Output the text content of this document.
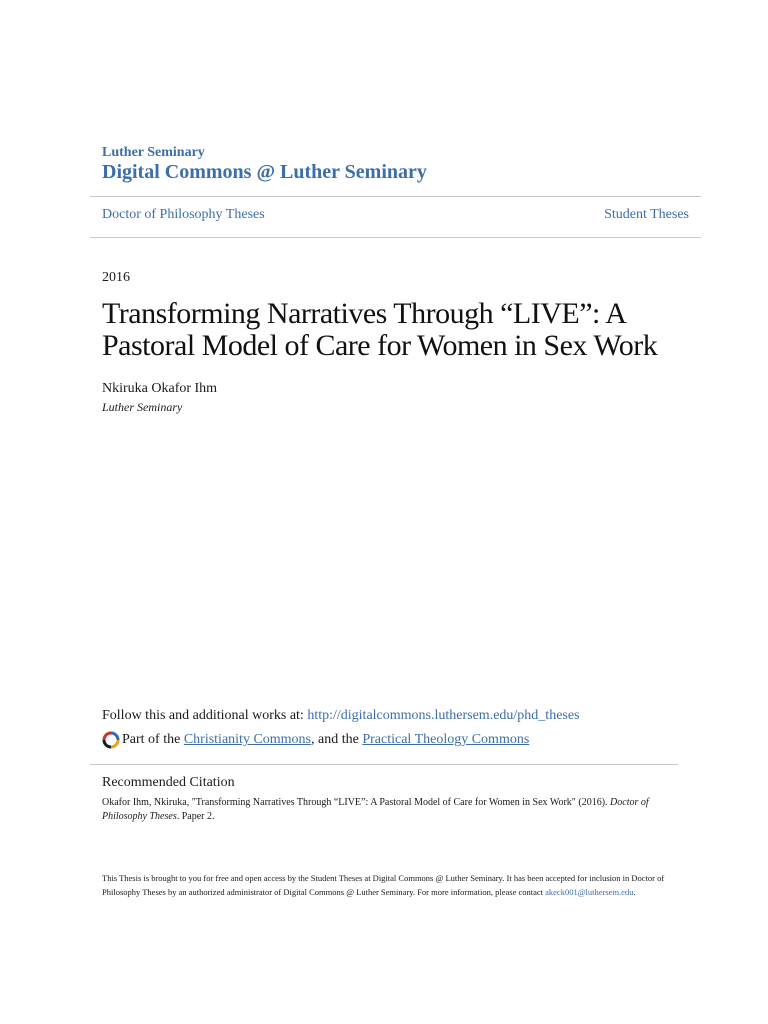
Luther Seminary
Digital Commons @ Luther Seminary
Doctor of Philosophy Theses	Student Theses
2016
Transforming Narratives Through “LIVE”: A Pastoral Model of Care for Women in Sex Work
Nkiruka Okafor Ihm
Luther Seminary
Follow this and additional works at: http://digitalcommons.luthersem.edu/phd_theses
Part of the
Christianity Commons , and the
Practical Theology Commons
Recommended Citation
Okafor Ihm, Nkiruka, "Transforming Narratives Through “LIVE”: A Pastoral Model of Care for Women in Sex Work" (2016). Doctor of Philosophy Theses. Paper 2.
This Thesis is brought to you for free and open access by the Student Theses at Digital Commons @ Luther Seminary. It has been accepted for inclusion in Doctor of Philosophy Theses by an authorized administrator of Digital Commons @ Luther Seminary. For more information, please contact akeck001@luthersem.edu.
